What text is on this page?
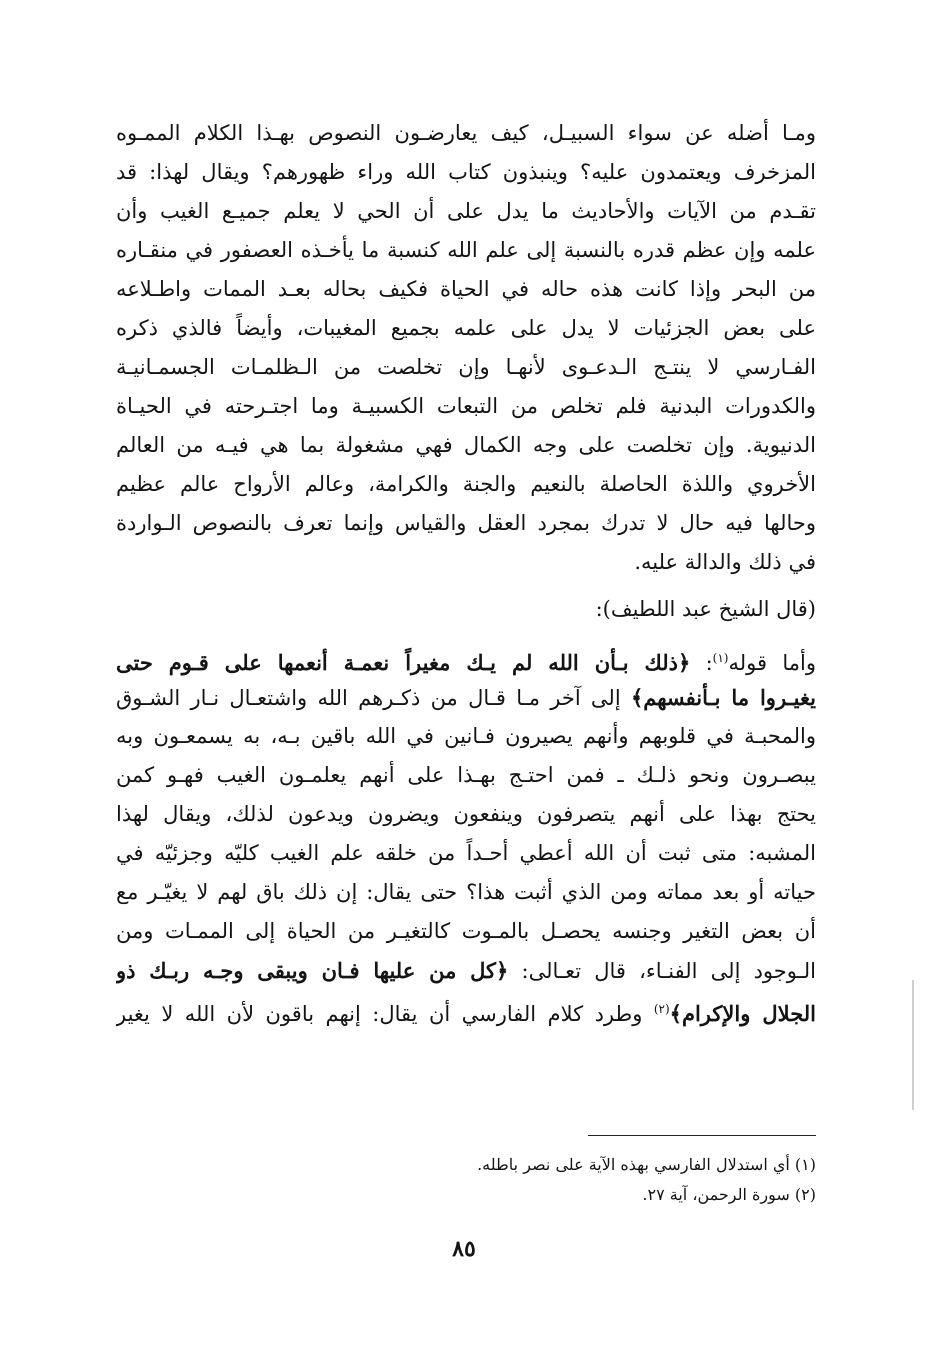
ومـا أضله عن سواء السبيـل، كيف يعارضـون النصوص بهـذا الكلام الممـوه
المزخرف ويعتمدون عليه؟ وينبذون كتاب الله وراء ظهورهم؟ ويقال لهذا: قد
تقـدم من الآيات والأحاديث ما يدل على أن الحي لا يعلم جميـع الغيب وأن
علمه وإن عظم قدره بالنسبة إلى علم الله كنسبة ما يأخـذه العصفور في منقـاره
من البحر وإذا كانت هذه حاله في الحياة فكيف بحاله بعـد الممات واطـلاعه
على بعض الجزئيات لا يدل على علمه بجميع المغيبات، وأيضاً فالذي ذكره
الفـارسي لا ينتـج الـدعـوى لأنهـا وإن تخلصت من الـظلمـات الجسمـانيـة
والكدورات البدنية فلم تخلص من التبعات الكسبيـة وما اجتـرحته في الحيـاة
الدنيوية. وإن تخلصت على وجه الكمال فهي مشغولة بما هي فيـه من العالم
الأخروي واللذة الحاصلة بالنعيم والجنة والكرامة، وعالم الأرواح عالم عظيم
وحالها فيه حال لا تدرك بمجرد العقل والقياس وإنما تعرف بالنصوص الـواردة
في ذلك والدالة عليه.
(قال الشيخ عبد اللطيف):
وأما قوله$^{(١)}$: ﴿ذلك بـأن الله لم يـك مغيراً نعمـة أنعمها على قـوم حتى
يغيـروا ما بـأنفسهم﴾ إلى آخر مـا قـال من ذكـرهم الله واشتعـال نـار الشـوق
والمحبـة في قلوبهم وأنهم يصيرون فـانين في الله باقين بـه، به يسمعـون وبه
يبصـرون ونحو ذلـك ـ فمن احتـج بهـذا على أنهم يعلمـون الغيب فهـو كمن
يحتج بهذا على أنهم يتصرفون وينفعون ويضرون ويدعون لذلك، ويقال لهذا
المشبه: متى ثبت أن الله أعطي أحـداً من خلقه علم الغيب كليّه وجزئيّه في
حياته أو بعد مماته ومن الذي أثبت هذا؟ حتى يقال: إن ذلك باق لهم لا يغيّـر مع
أن بعض التغير وجنسه يحصـل بالمـوت كالتغيـر من الحياة إلى الممـات ومن
الـوجود إلى الفنـاء، قال تعـالى: ﴿كل من عليها فـان ويبقى وجـه ربـك ذو
الجلال والإكرام﴾$^{(٢)}$ وطرد كلام الفارسي أن يقال: إنهم باقون لأن الله لا يغير
(١) أي استدلال الفارسي بهذه الآية على نصر باطله.
(٢) سورة الرحمن، آية ٢٧.
٨٥
